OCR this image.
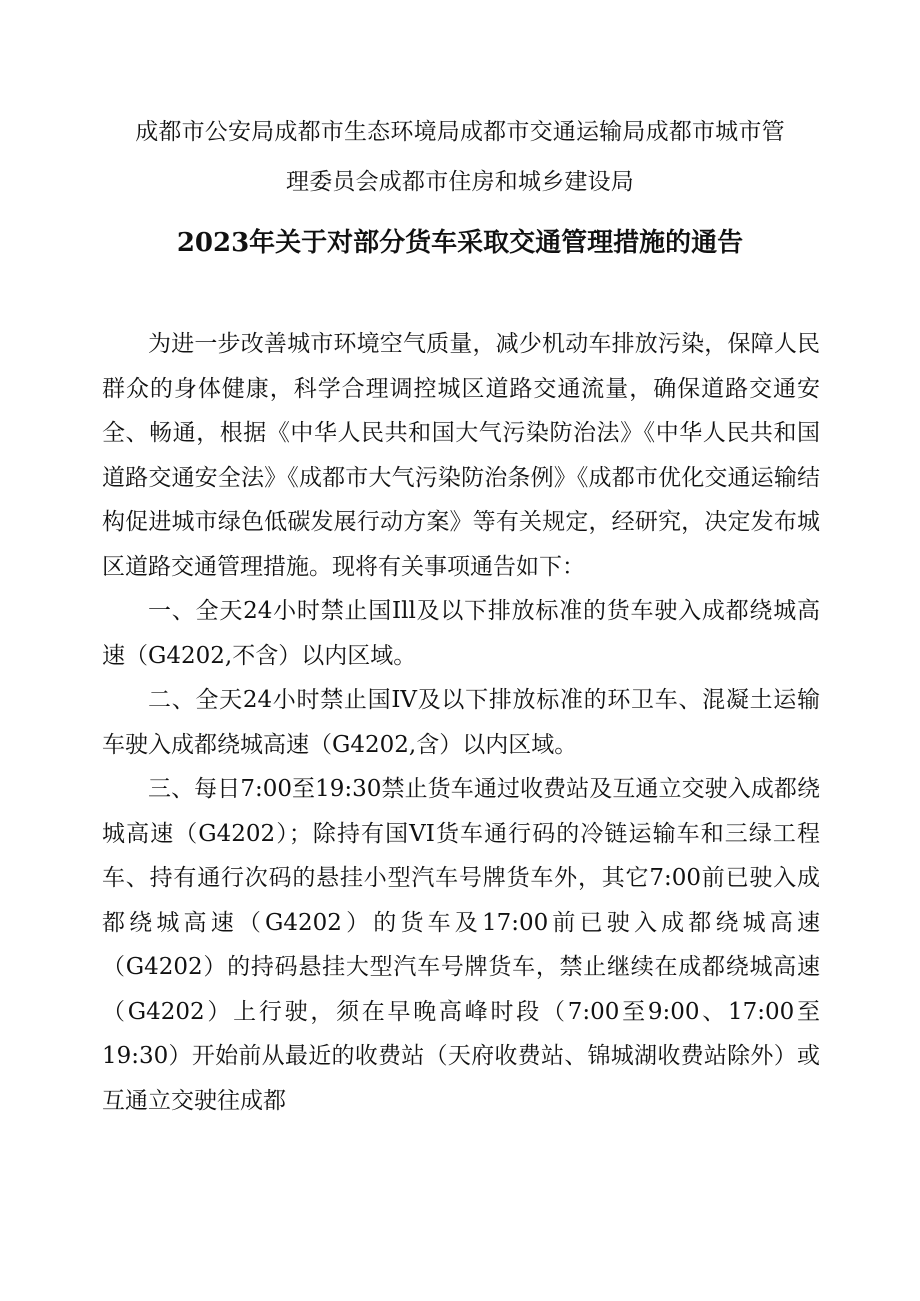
成都市公安局成都市生态环境局成都市交通运输局成都市城市管
理委员会成都市住房和城乡建设局
2023年关于对部分货车采取交通管理措施的通告

为进一步改善城市环境空气质量，减少机动车排放污染，保障人民群众的身体健康，科学合理调控城区道路交通流量，确保道路交通安全、畅通，根据《中华人民共和国大气污染防治法》《中华人民共和国道路交通安全法》《成都市大气污染防治条例》《成都市优化交通运输结构促进城市绿色低碳发展行动方案》等有关规定，经研究，决定发布城区道路交通管理措施。现将有关事项通告如下：

一、全天24小时禁止国Ill及以下排放标准的货车驶入成都绕城高速（G4202,不含）以内区域。

二、全天24小时禁止国IV及以下排放标准的环卫车、混凝土运输车驶入成都绕城高速（G4202,含）以内区域。

三、每日7:00至19:30禁止货车通过收费站及互通立交驶入成都绕城高速（G4202）；除持有国VI货车通行码的冷链运输车和三绿工程车、持有通行次码的悬挂小型汽车号牌货车外，其它7:00前已驶入成都绕城高速（G4202）的货车及17:00前已驶入成都绕城高速（G4202）的持码悬挂大型汽车号牌货车，禁止继续在成都绕城高速（G4202）上行驶，须在早晚高峰时段（7:00至9:00、17:00至19:30）开始前从最近的收费站（天府收费站、锦城湖收费站除外）或互通立交驶往成都
